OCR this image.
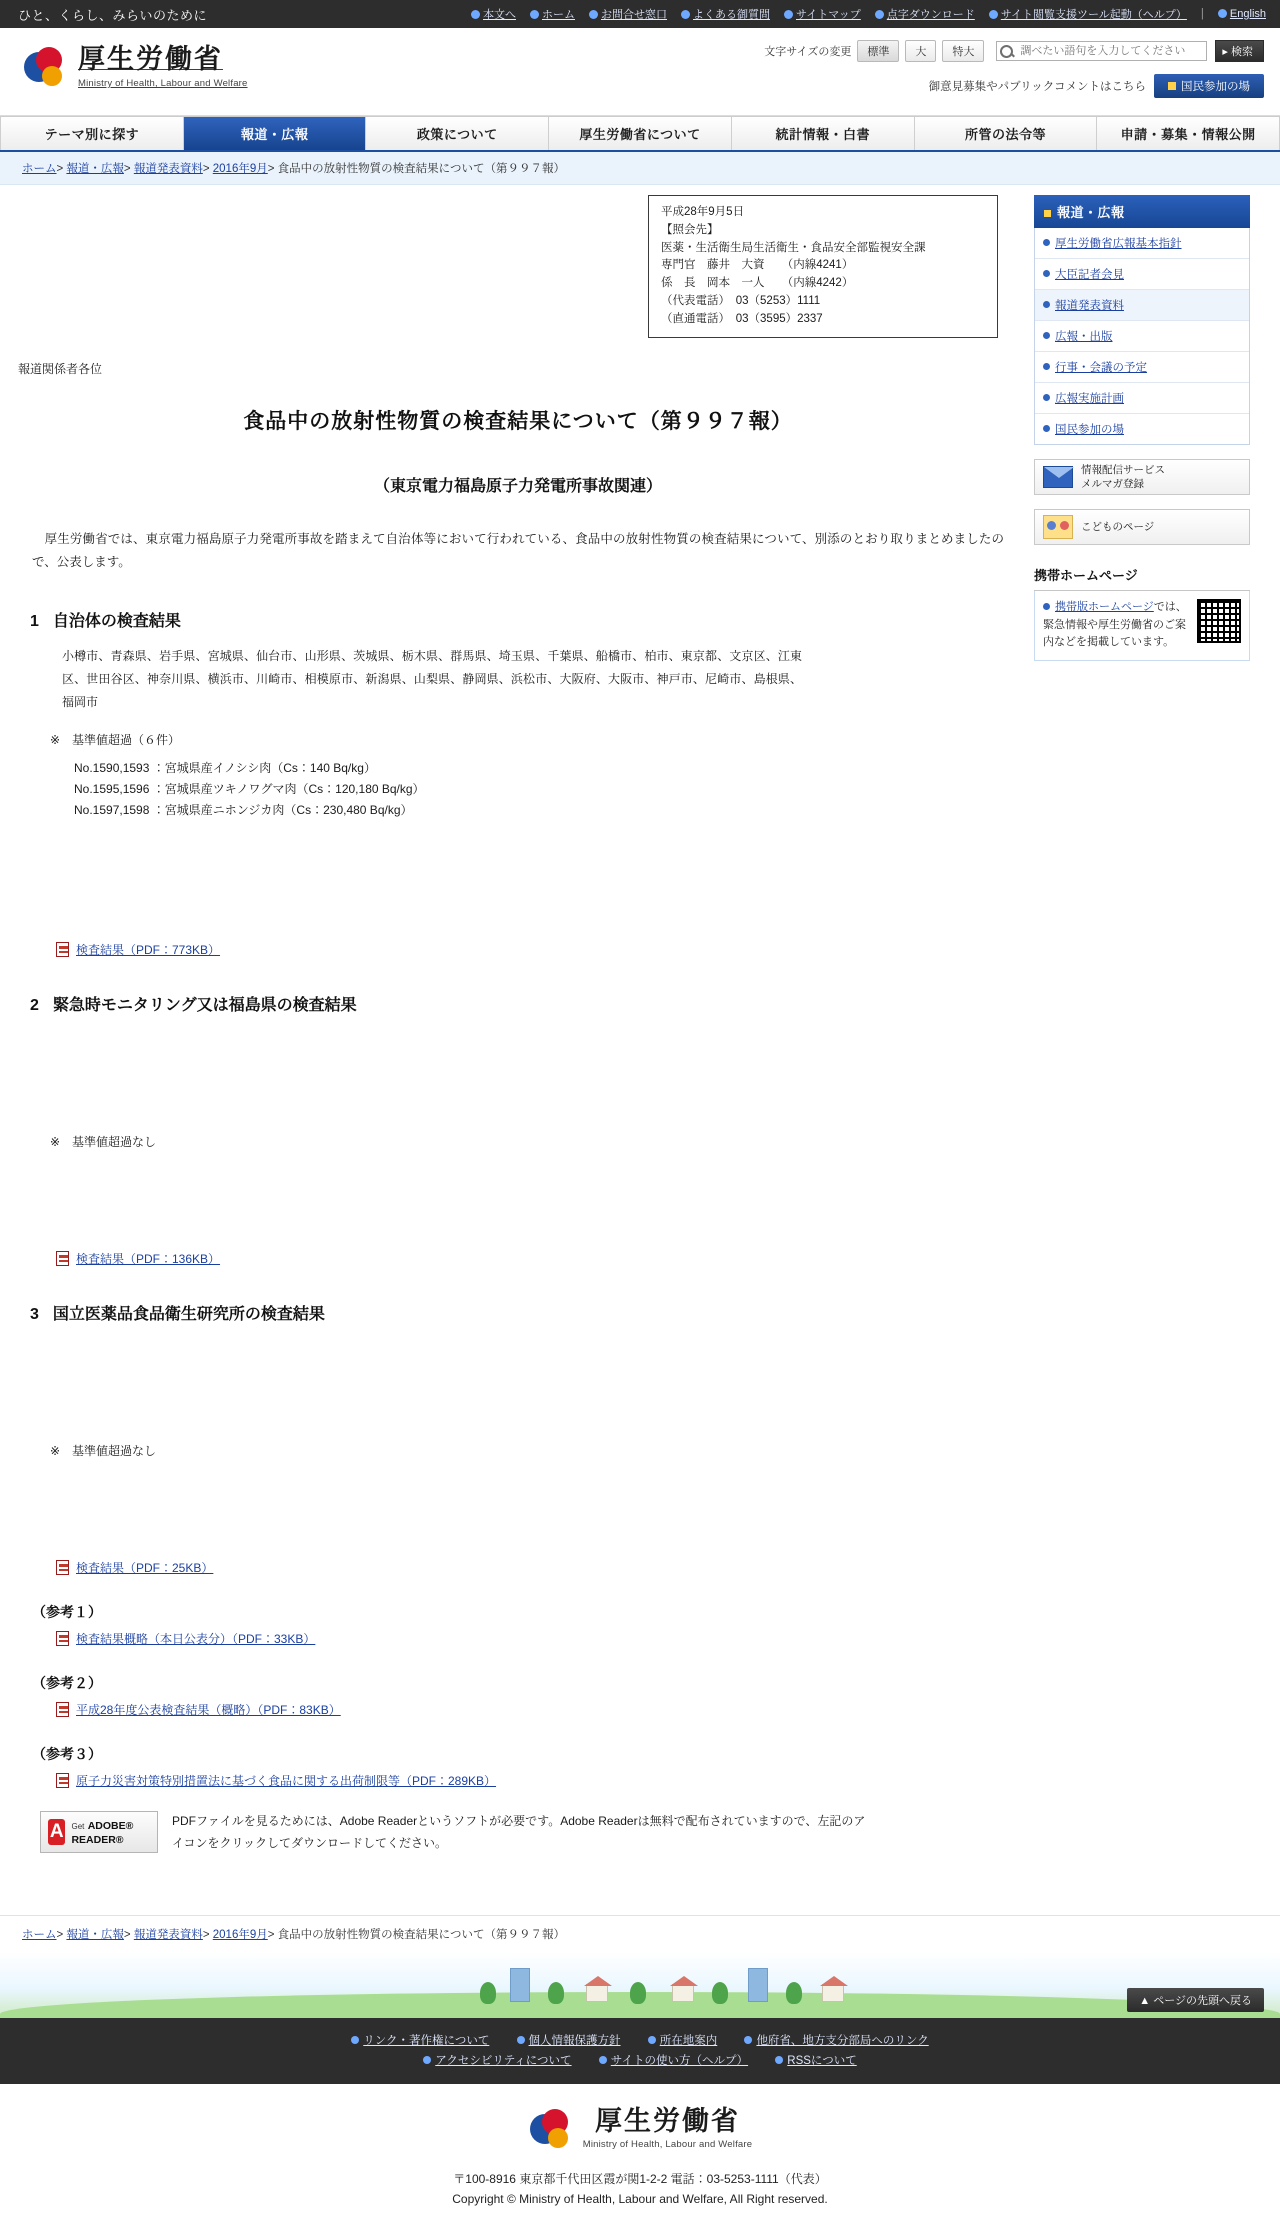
ひと、くらし、みらいのために	本文へ	ホーム	お問合せ窓口	よくある御質問	サイトマップ	点字ダウンロード	サイト閲覧支援ツール起動（ヘルプ） |	English
厚生労働省
Ministry of Health, Labour and Welfare
文字サイズの変更	標準	大	特大
調べたい語句を入力してください	▸ 検索
御意見募集やパブリックコメントはこちら	国民参加の場
テーマ別に探す	報道・広報	政策について	厚生労働省について	統計情報・白書	所管の法令等	申請・募集・情報公開
ホーム> 報道・広報> 報道発表資料> 2016年9月> 食品中の放射性物質の検査結果について（第９９７報）
平成28年9月5日
【照会先】
医薬・生活衛生局生活衛生・食品安全部監視安全課
専門官　藤井　大資　　（内線4241）
係　長　岡本　一人　　（内線4242）
（代表電話）　03（5253）1111
（直通電話）　03（3595）2337
報道関係者各位
食品中の放射性物質の検査結果について（第９９７報）
（東京電力福島原子力発電所事故関連）

　厚生労働省では、東京電力福島原子力発電所事故を踏まえて自治体等において行われている、食品中の放射性物質の検査結果について、別添のとおり取りまとめましたので、公表します。

1 自治体の検査結果
小樽市、青森県、岩手県、宮城県、仙台市、山形県、茨城県、栃木県、群馬県、埼玉県、千葉県、船橋市、柏市、東京都、文京区、江東区、世田谷区、神奈川県、横浜市、川崎市、相模原市、新潟県、山梨県、静岡県、浜松市、大阪府、大阪市、神戸市、尼崎市、島根県、福岡市
※　基準値超過（６件）
No.1590,1593 ：宮城県産イノシシ肉（Cs：140 Bq/kg）
No.1595,1596 ：宮城県産ツキノワグマ肉（Cs：120,180 Bq/kg）
No.1597,1598 ：宮城県産ニホンジカ肉（Cs：230,480 Bq/kg）
検査結果（PDF：773KB）
2 緊急時モニタリング又は福島県の検査結果
※　基準値超過なし
検査結果（PDF：136KB）
3 国立医薬品食品衛生研究所の検査結果
※　基準値超過なし
検査結果（PDF：25KB）
（参考１）
検査結果概略（本日公表分）（PDF：33KB）
（参考２）
平成28年度公表検査結果（概略）（PDF：83KB）
（参考３）
原子力災害対策特別措置法に基づく食品に関する出荷制限等（PDF：289KB）
A Get ADOBE® READER®
PDFファイルを見るためには、Adobe Readerというソフトが必要です。Adobe Readerは無料で配布されていますので、左記のアイコンをクリックしてダウンロードしてください。
報道・広報
厚生労働省広報基本指針
大臣記者会見
報道発表資料
広報・出版
行事・会議の予定
広報実施計画
国民参加の場
情報配信サービス
メルマガ登録
こどものページ
携帯ホームページ
携帯版ホームページでは、緊急情報や厚生労働省のご案内などを掲載しています。
ホーム> 報道・広報> 報道発表資料> 2016年9月> 食品中の放射性物質の検査結果について（第９９７報）
▲ ページの先頭へ戻る
リンク・著作権について	個人情報保護方針	所在地案内	他府省、地方支分部局へのリンク
アクセシビリティについて	サイトの使い方（ヘルプ）	RSSについて
厚生労働省
Ministry of Health, Labour and Welfare
〒100-8916 東京都千代田区霞が関1-2-2 電話：03-5253-1111（代表）
Copyright © Ministry of Health, Labour and Welfare, All Right reserved.
